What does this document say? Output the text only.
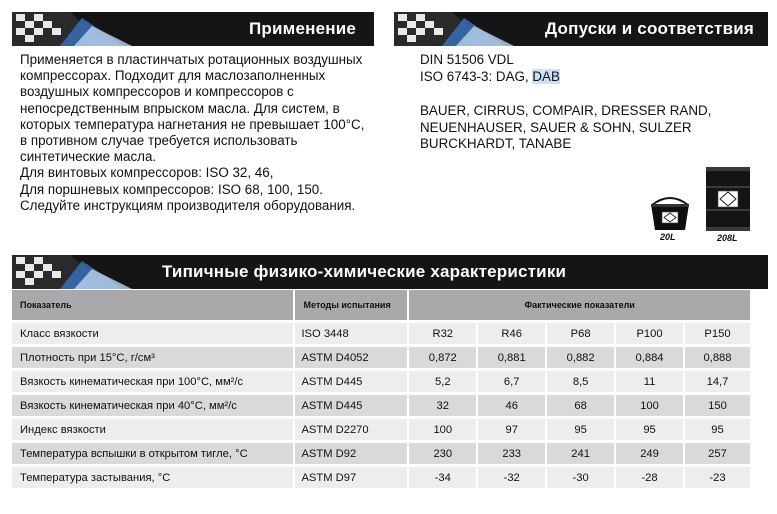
Применение	Допуски и соответствия

Применяется в пластинчатых ротационных воздушных компрессорах. Подходит для маслозаполненных воздушных компрессоров и компрессоров с непосредственным впрыском масла. Для систем, в которых температура нагнетания не превышает 100°С, в противном случае требуется использовать синтетические масла.

Для винтовых компрессоров: ISO 32, 46,

Для поршневых компрессоров: ISO 68, 100, 150.

Следуйте инструкциям производителя оборудования.

DIN 51506 VDL

ISO 6743-3: DAG, DAB

BAUER, CIRRUS, COMPAIR, DRESSER RAND, NEUENHAUSER, SAUER & SOHN, SULZER BURCKHARDT, TANABE

20L	208L
Типичные физико-химические характеристики
Показатель	Методы испытания	Фактические показатели				
Класс вязкости	ISO 3448	R32	R46	P68	P100	P150
Плотность при 15°С, г/см³	ASTM D4052	0,872	0,881	0,882	0,884	0,888
Вязкость кинематическая при 100°С, мм²/с	ASTM D445	5,2	6,7	8,5	11	14,7
Вязкость кинематическая при 40°С, мм²/с	ASTM D445	32	46	68	100	150
Индекс вязкости	ASTM D2270	100	97	95	95	95
Температура вспышки в открытом тигле, °С	ASTM D92	230	233	241	249	257
Температура застывания, °С	ASTM D97	-34	-32	-30	-28	-23
